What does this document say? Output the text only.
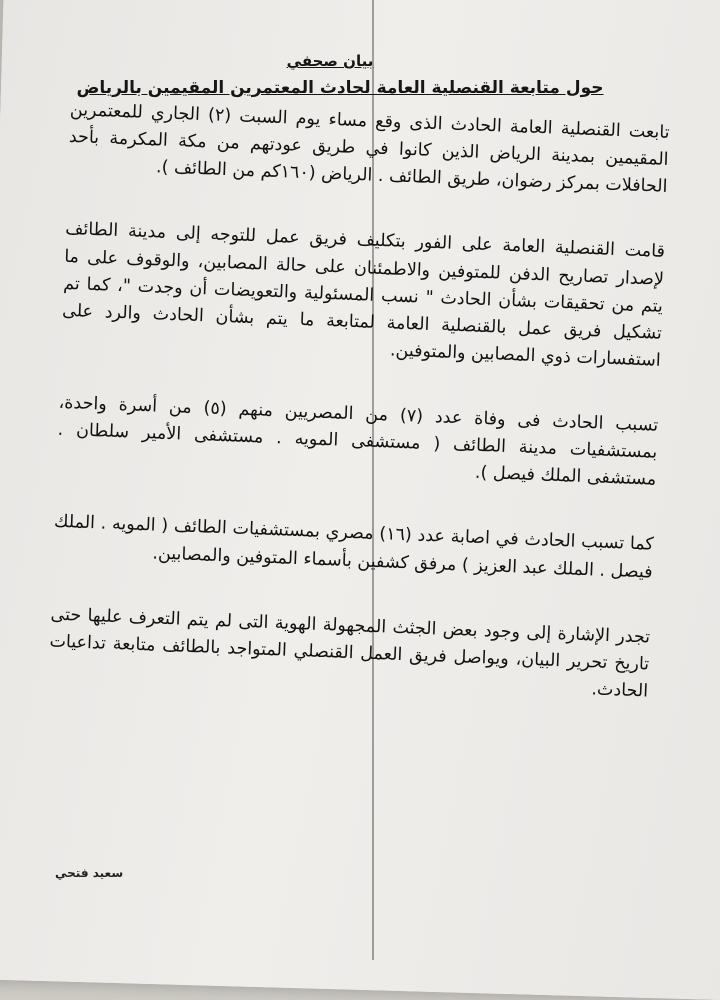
بيان صحفي
حول متابعة القنصلية العامة لحادث المعتمرين المقيمين بالرياض

تابعت القنصلية العامة الحادث الذى وقع مساء يوم السبت (٢) الجاري للمعتمرين المقيمين بمدينة الرياض الذين كانوا في طريق عودتهم من مكة المكرمة بأحد الحافلات بمركز رضوان، طريق الطائف . الرياض (١٦٠كم من الطائف ).

قامت القنصلية العامة على الفور بتكليف فريق عمل للتوجه إلى مدينة الطائف لإصدار تصاريح الدفن للمتوفين والاطمئنان على حالة المصابين، والوقوف على ما يتم من تحقيقات بشأن الحادث " نسب المسئولية والتعويضات أن وجدت "، كما تم تشكيل فريق عمل بالقنصلية العامة لمتابعة ما يتم بشأن الحادث والرد على استفسارات ذوي المصابين والمتوفين.

تسبب الحادث فى وفاة عدد (٧) من المصريين منهم (٥) من أسرة واحدة، بمستشفيات مدينة الطائف ( مستشفى المويه . مستشفى الأمير سلطان . مستشفى الملك فيصل ).

كما تسبب الحادث في اصابة عدد (١٦) مصري بمستشفيات الطائف ( المويه . الملك فيصل . الملك عبد العزيز ) مرفق كشفين بأسماء المتوفين والمصابين.

تجدر الإشارة إلى وجود بعض الجثث المجهولة الهوية التى لم يتم التعرف عليها حتى تاريخ تحرير البيان، ويواصل فريق العمل القنصلي المتواجد بالطائف متابعة تداعيات الحادث.

سعيد فتحي
